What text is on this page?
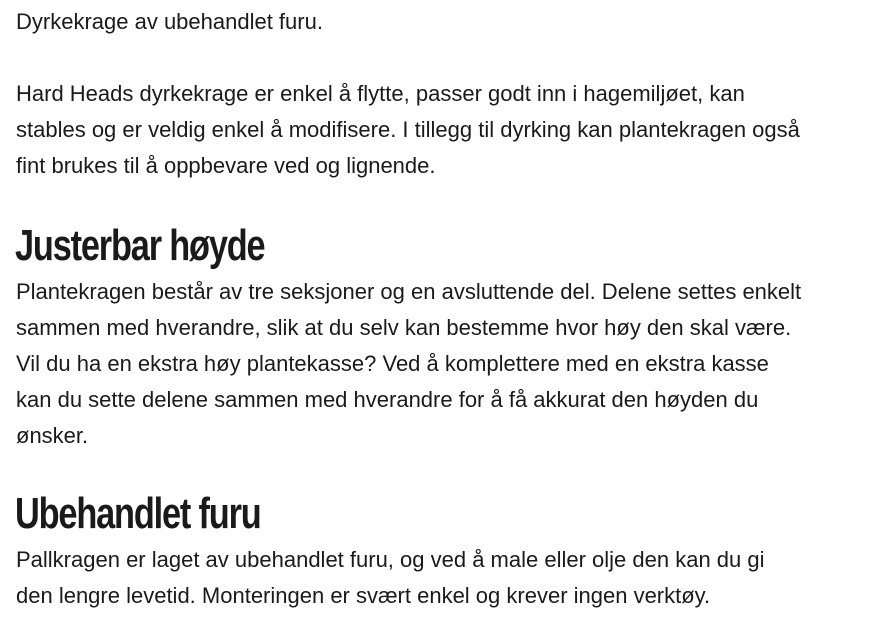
Dyrkekrage av ubehandlet furu.

Hard Heads dyrkekrage er enkel å flytte, passer godt inn i hagemiljøet, kan
stables og er veldig enkel å modifisere. I tillegg til dyrking kan plantekragen også
fint brukes til å oppbevare ved og lignende.

Justerbar høyde

Plantekragen består av tre seksjoner og en avsluttende del. Delene settes enkelt
sammen med hverandre, slik at du selv kan bestemme hvor høy den skal være.
Vil du ha en ekstra høy plantekasse? Ved å komplettere med en ekstra kasse
kan du sette delene sammen med hverandre for å få akkurat den høyden du
ønsker.

Ubehandlet furu

Pallkragen er laget av ubehandlet furu, og ved å male eller olje den kan du gi
den lengre levetid. Monteringen er svært enkel og krever ingen verktøy.
